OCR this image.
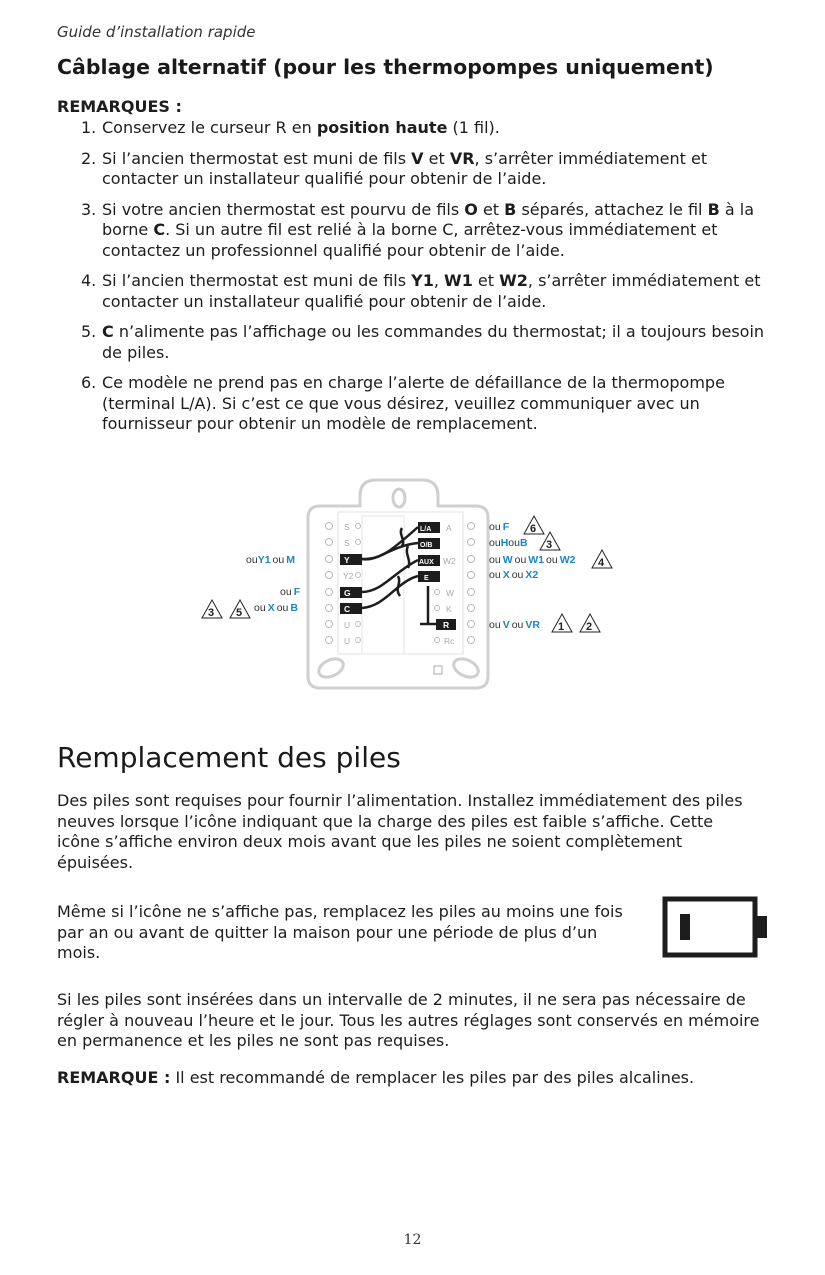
Guide d’installation rapide
Câblage alternatif (pour les thermopompes uniquement)
REMARQUES :
1. Conservez le curseur R en position haute (1 fil).
2. Si l’ancien thermostat est muni de fils V et VR, s’arrêter immédiatement et contacter un installateur qualifié pour obtenir de l’aide.
3. Si votre ancien thermostat est pourvu de fils O et B séparés, attachez le fil B à la borne C. Si un autre fil est relié à la borne C, arrêtez-vous immédiatement et contactez un professionnel qualifié pour obtenir de l’aide.
4. Si l’ancien thermostat est muni de fils Y1, W1 et W2, s’arrêter immédiatement et contacter un installateur qualifié pour obtenir de l’aide.
5. C n’alimente pas l’affichage ou les commandes du thermostat; il a toujours besoin de piles.
6. Ce modèle ne prend pas en charge l’alerte de défaillance de la thermopompe (terminal L/A). Si c’est ce que vous désirez, veuillez communiquer avec un fournisseur pour obtenir un modèle de remplacement.
S
S
Y
Y2
G
C
U
U
L/A A
O/B
AUX W2
E
W
K
R
Rc
ouY1 ou M
ou F
ou X ou B
ou F
ouHouB
ou W ou W1 ou W2
ou X ou X2
ou V ou VR
6
3
4
1 2
3 5
Remplacement des piles

Des piles sont requises pour fournir l’alimentation. Installez immédiatement des piles neuves lorsque l’icône indiquant que la charge des piles est faible s’affiche. Cette icône s’affiche environ deux mois avant que les piles ne soient complètement épuisées.

Même si l’icône ne s’affiche pas, remplacez les piles au moins une fois par an ou avant de quitter la maison pour une période de plus d’un mois.

Si les piles sont insérées dans un intervalle de 2 minutes, il ne sera pas nécessaire de régler à nouveau l’heure et le jour. Tous les autres réglages sont conservés en mémoire en permanence et les piles ne sont pas requises.

REMARQUE : Il est recommandé de remplacer les piles par des piles alcalines.

12
